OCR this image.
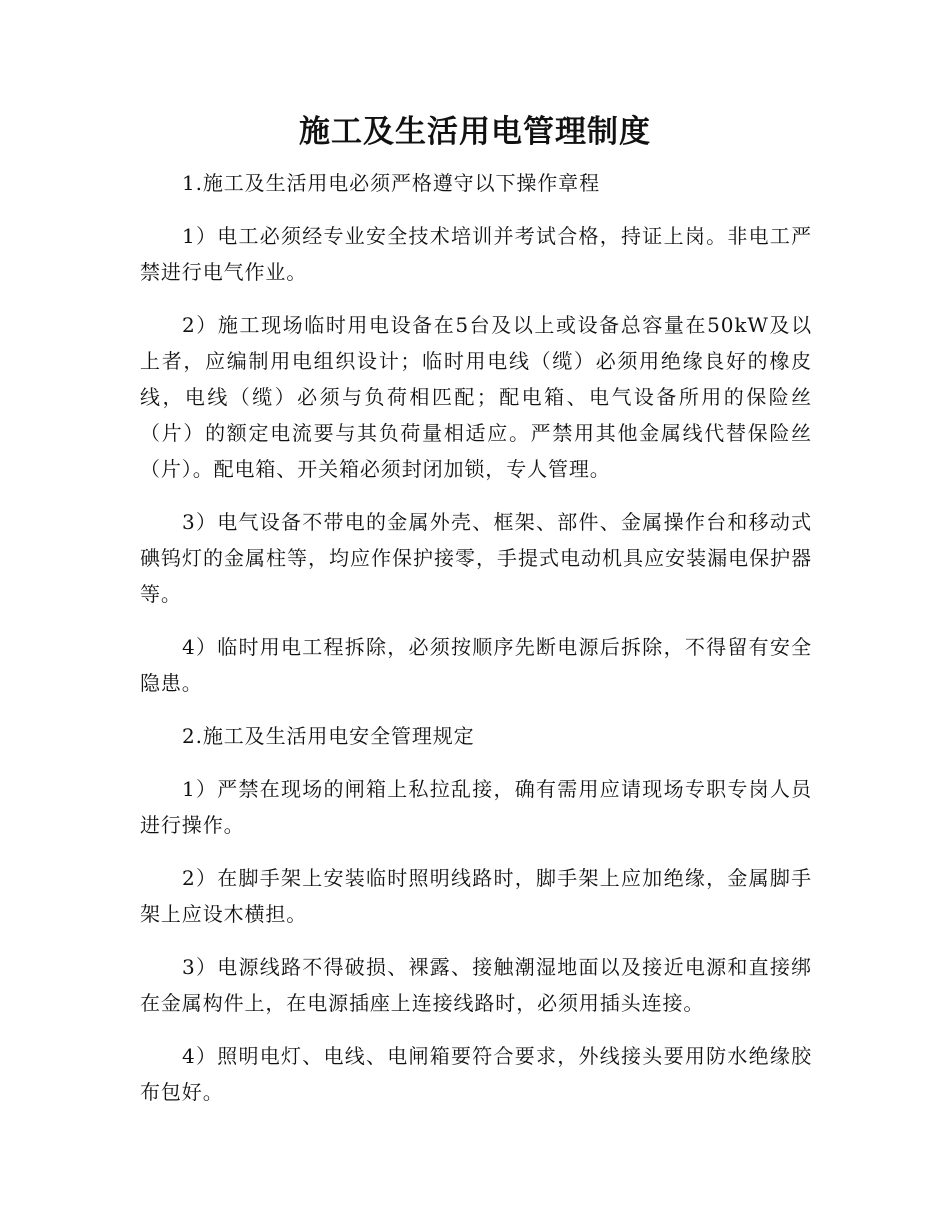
施工及生活用电管理制度

1.施工及生活用电必须严格遵守以下操作章程

1）电工必须经专业安全技术培训并考试合格，持证上岗。非电工严禁进行电气作业。

2）施工现场临时用电设备在5台及以上或设备总容量在50kW及以上者，应编制用电组织设计；临时用电线（缆）必须用绝缘良好的橡皮线，电线（缆）必须与负荷相匹配；配电箱、电气设备所用的保险丝（片）的额定电流要与其负荷量相适应。严禁用其他金属线代替保险丝（片）。配电箱、开关箱必须封闭加锁，专人管理。

3）电气设备不带电的金属外壳、框架、部件、金属操作台和移动式碘钨灯的金属柱等，均应作保护接零，手提式电动机具应安装漏电保护器等。

4）临时用电工程拆除，必须按顺序先断电源后拆除，不得留有安全隐患。

2.施工及生活用电安全管理规定

1）严禁在现场的闸箱上私拉乱接，确有需用应请现场专职专岗人员进行操作。

2）在脚手架上安装临时照明线路时，脚手架上应加绝缘，金属脚手架上应设木横担。

3）电源线路不得破损、裸露、接触潮湿地面以及接近电源和直接绑在金属构件上，在电源插座上连接线路时，必须用插头连接。

4）照明电灯、电线、电闸箱要符合要求，外线接头要用防水绝缘胶布包好。
